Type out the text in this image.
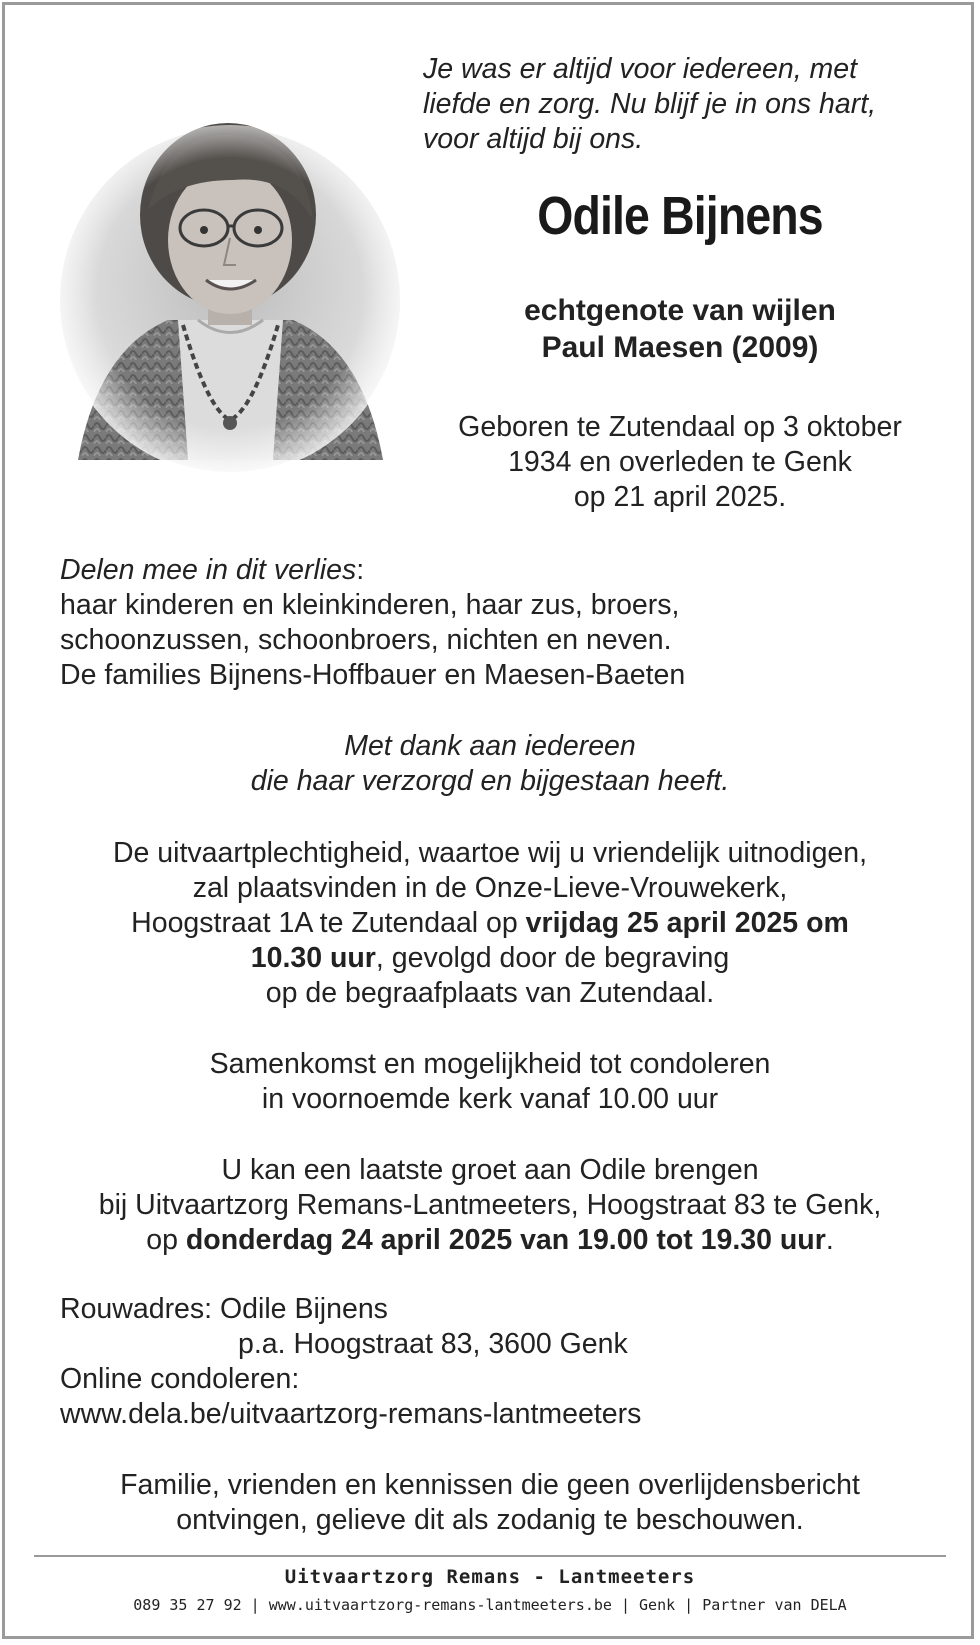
Je was er altijd voor iedereen, met
liefde en zorg. Nu blijf je in ons hart,
voor altijd bij ons.
Odile Bijnens
echtgenote van wijlen
Paul Maesen (2009)
Geboren te Zutendaal op 3 oktober
1934 en overleden te Genk
op 21 april 2025.
Delen mee in dit verlies:
haar kinderen en kleinkinderen, haar zus, broers,
schoonzussen, schoonbroers, nichten en neven.
De families Bijnens-Hoffbauer en Maesen-Baeten
Met dank aan iedereen
die haar verzorgd en bijgestaan heeft.
De uitvaartplechtigheid, waartoe wij u vriendelijk uitnodigen,
zal plaatsvinden in de Onze-Lieve-Vrouwekerk,
Hoogstraat 1A te Zutendaal op vrijdag 25 april 2025 om
10.30 uur, gevolgd door de begraving
op de begraafplaats van Zutendaal.
Samenkomst en mogelijkheid tot condoleren
in voornoemde kerk vanaf 10.00 uur
U kan een laatste groet aan Odile brengen
bij Uitvaartzorg Remans-Lantmeeters, Hoogstraat 83 te Genk,
op donderdag 24 april 2025 van 19.00 tot 19.30 uur.
Rouwadres: Odile Bijnens
p.a. Hoogstraat 83, 3600 Genk
Online condoleren:
www.dela.be/uitvaartzorg-remans-lantmeeters
Familie, vrienden en kennissen die geen overlijdensbericht
ontvingen, gelieve dit als zodanig te beschouwen.
Uitvaartzorg Remans - Lantmeeters
089 35 27 92 | www.uitvaartzorg-remans-lantmeeters.be | Genk | Partner van DELA
